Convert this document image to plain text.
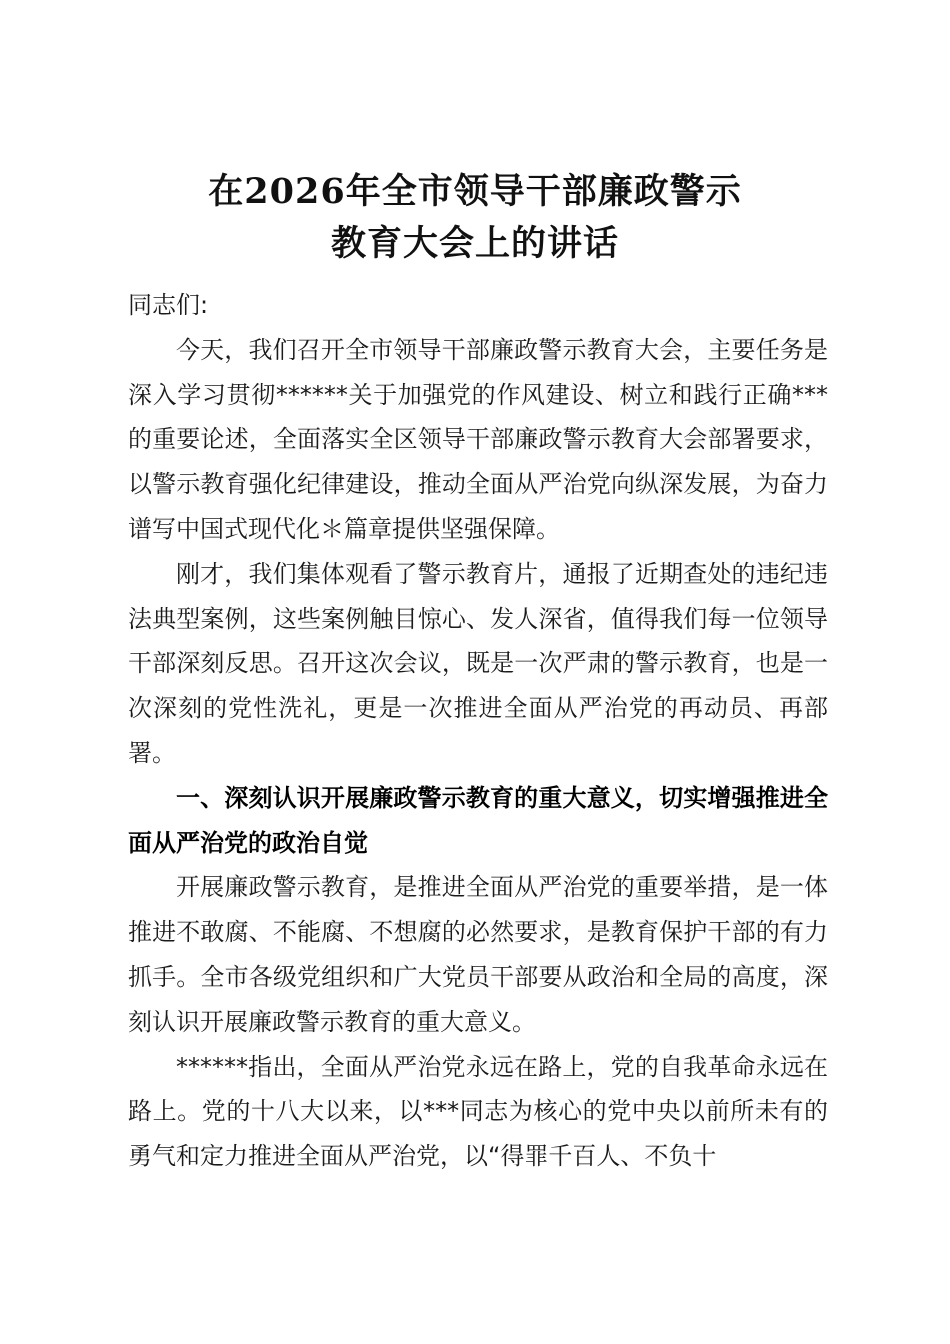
在2026年全市领导干部廉政警示
教育大会上的讲话

同志们:

今天，我们召开全市领导干部廉政警示教育大会，主要任务是深入学习贯彻******关于加强党的作风建设、树立和践行正确***的重要论述，全面落实全区领导干部廉政警示教育大会部署要求，以警示教育强化纪律建设，推动全面从严治党向纵深发展，为奋力谱写中国式现代化＊篇章提供坚强保障。

刚才，我们集体观看了警示教育片，通报了近期查处的违纪违法典型案例，这些案例触目惊心、发人深省，值得我们每一位领导干部深刻反思。召开这次会议，既是一次严肃的警示教育，也是一次深刻的党性洗礼，更是一次推进全面从严治党的再动员、再部署。

一、深刻认识开展廉政警示教育的重大意义，切实增强推进全面从严治党的政治自觉

开展廉政警示教育，是推进全面从严治党的重要举措，是一体推进不敢腐、不能腐、不想腐的必然要求，是教育保护干部的有力抓手。全市各级党组织和广大党员干部要从政治和全局的高度，深刻认识开展廉政警示教育的重大意义。

******指出，全面从严治党永远在路上，党的自我革命永远在路上。党的十八大以来，以***同志为核心的党中央以前所未有的勇气和定力推进全面从严治党，以“得罪千百人、不负十
